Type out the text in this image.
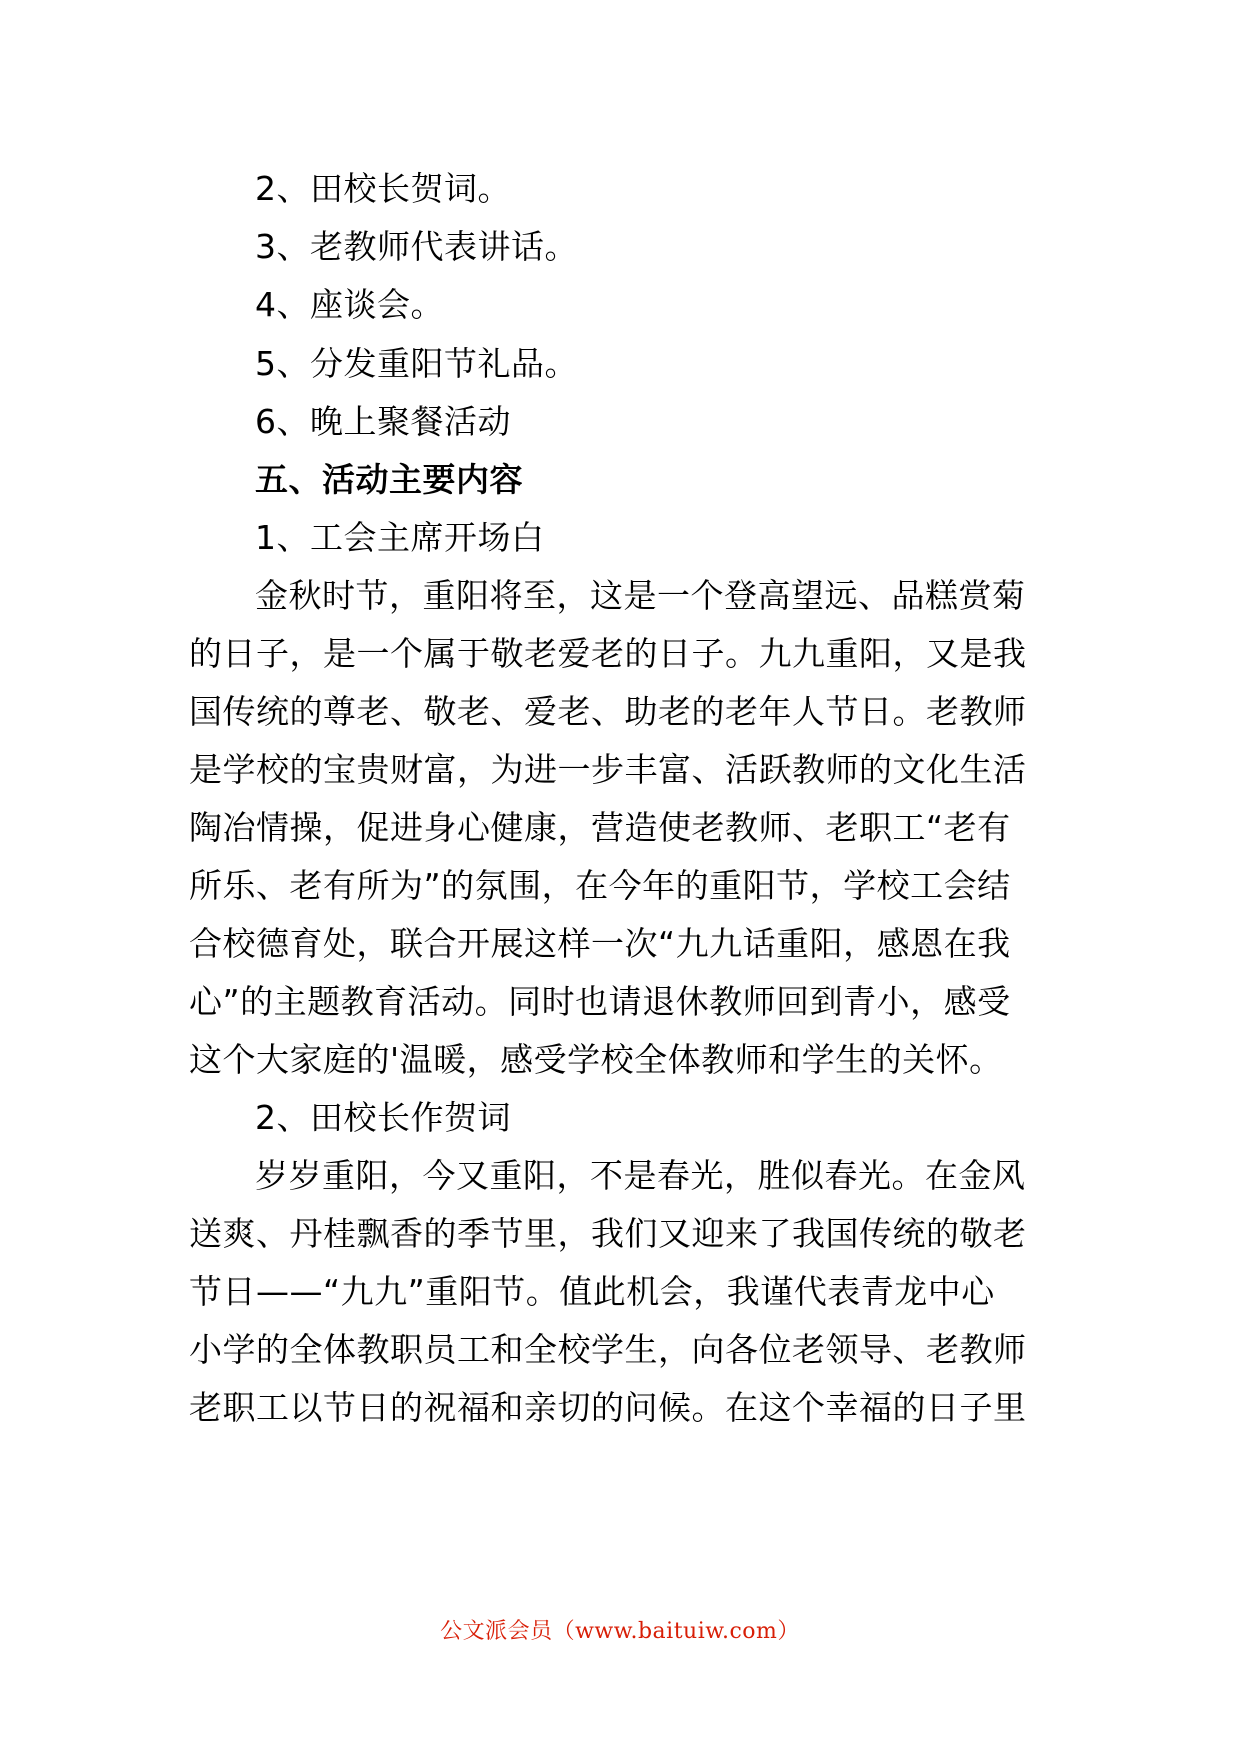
2、田校长贺词。
3、老教师代表讲话。
4、座谈会。
5、分发重阳节礼品。
6、晚上聚餐活动
五、活动主要内容
1、工会主席开场白
金秋时节，重阳将至，这是一个登高望远、品糕赏菊
的日子，是一个属于敬老爱老的日子。九九重阳，又是我
国传统的尊老、敬老、爱老、助老的老年人节日。老教师
是学校的宝贵财富，为进一步丰富、活跃教师的文化生活
陶冶情操，促进身心健康，营造使老教师、老职工“老有
所乐、老有所为”的氛围，在今年的重阳节，学校工会结
合校德育处，联合开展这样一次“九九话重阳，感恩在我
心”的主题教育活动。同时也请退休教师回到青小，感受
这个大家庭的'温暖，感受学校全体教师和学生的关怀。
2、田校长作贺词
岁岁重阳，今又重阳，不是春光，胜似春光。在金风
送爽、丹桂飘香的季节里，我们又迎来了我国传统的敬老
节日——“九九”重阳节。值此机会，我谨代表青龙中心
小学的全体教职员工和全校学生，向各位老领导、老教师
老职工以节日的祝福和亲切的问候。在这个幸福的日子里
公文派会员（www.baituiw.com）
